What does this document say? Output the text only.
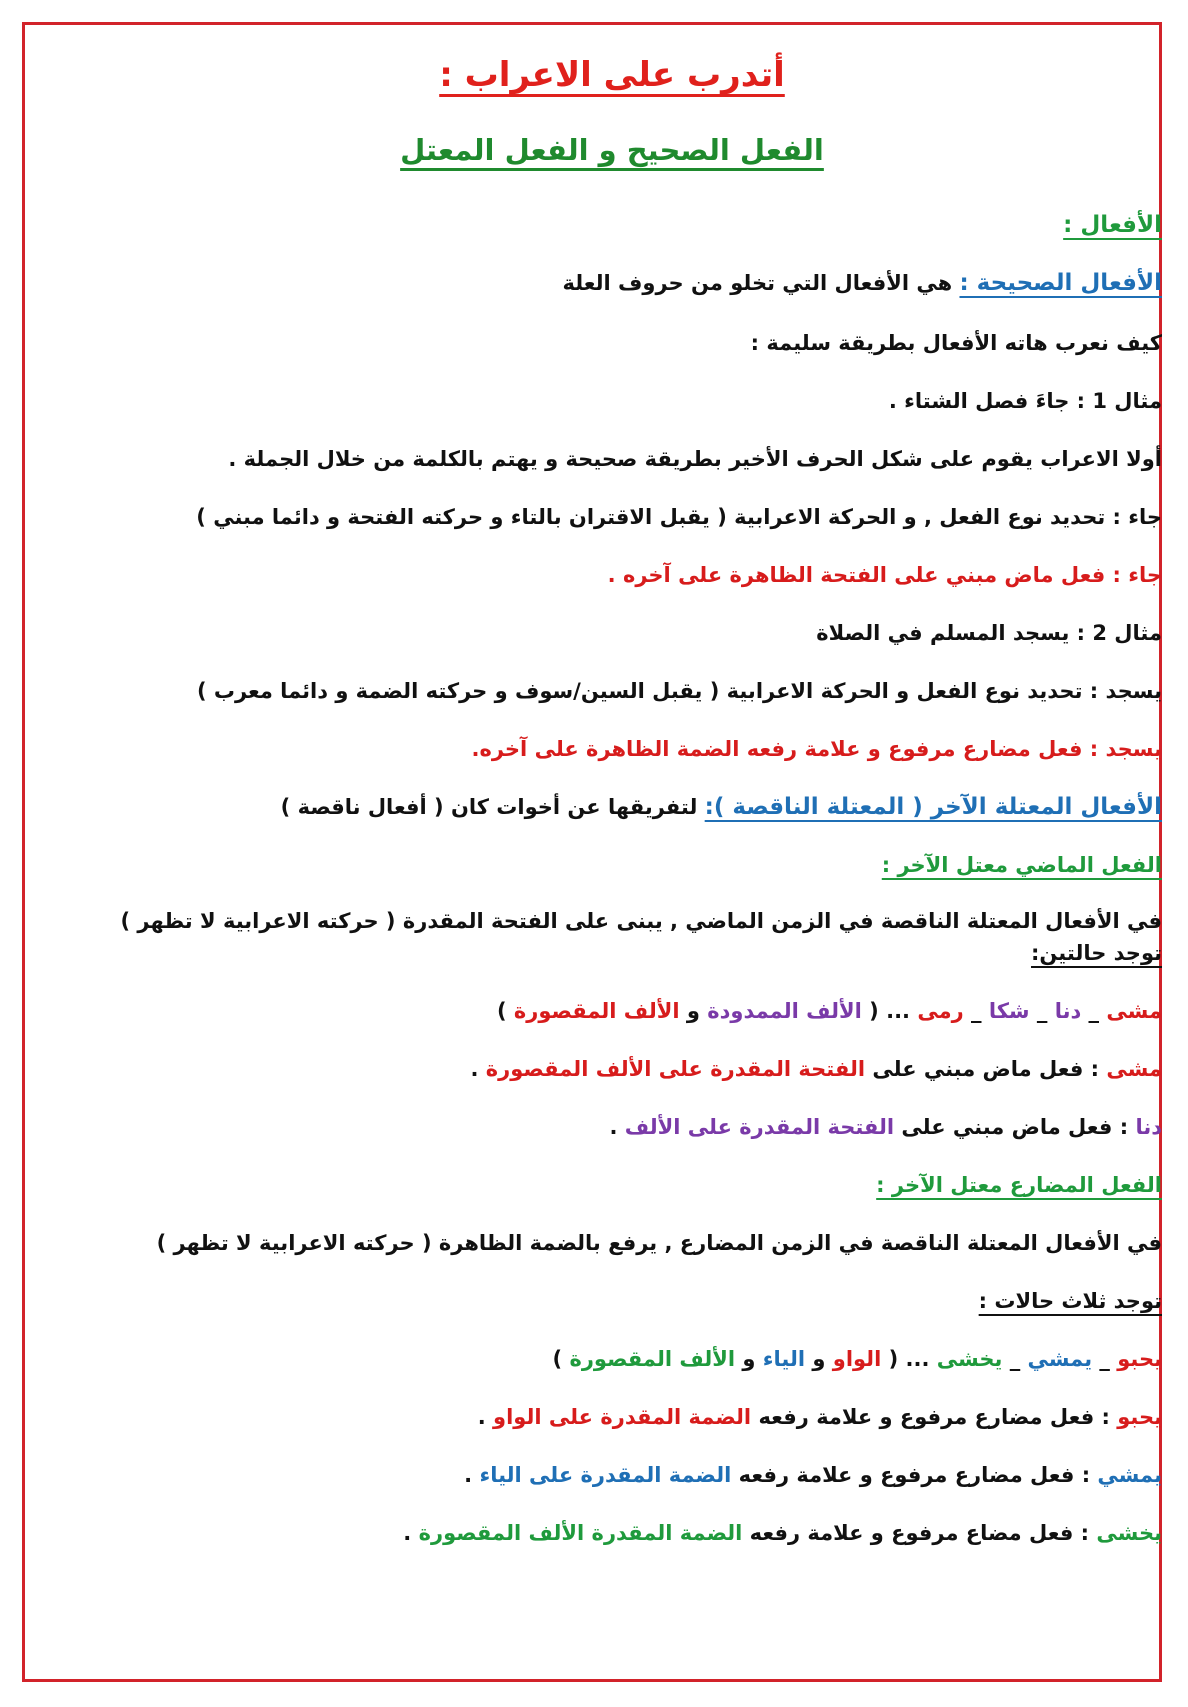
أتدرب على الاعراب :
الفعل الصحيح و الفعل المعتل
الأفعال :
الأفعال الصحيحة : هي الأفعال التي تخلو من حروف العلة
كيف نعرب هاته الأفعال بطريقة سليمة :
مثال 1 : جاءَ فصل الشتاء .
أولا الاعراب يقوم على شكل الحرف الأخير بطريقة صحيحة و يهتم بالكلمة من خلال الجملة .
جاء : تحديد نوع الفعل , و الحركة الاعرابية ( يقبل الاقتران بالتاء و حركته الفتحة و دائما مبني )
جاء : فعل ماض مبني على الفتحة الظاهرة على آخره .
مثال 2 : يسجد المسلم في الصلاة
يسجد : تحديد نوع الفعل و الحركة الاعرابية ( يقبل السين/سوف و حركته الضمة و دائما معرب )
يسجد : فعل مضارع مرفوع و علامة رفعه الضمة الظاهرة على آخره.
الأفعال المعتلة الآخر ( المعتلة الناقصة ): لتفريقها عن أخوات كان ( أفعال ناقصة )
الفعل الماضي معتل الآخر :
في الأفعال المعتلة الناقصة في الزمن الماضي , يبنى على الفتحة المقدرة ( حركته الاعرابية لا تظهر )
توجد حالتين:
مشى _ دنا _ شكا _ رمى ... ( الألف الممدودة و الألف المقصورة )
مشى : فعل ماض مبني على الفتحة المقدرة على الألف المقصورة .
دنا : فعل ماض مبني على الفتحة المقدرة على الألف .
الفعل المضارع معتل الآخر :
في الأفعال المعتلة الناقصة في الزمن المضارع , يرفع بالضمة الظاهرة ( حركته الاعرابية لا تظهر )
توجد ثلاث حالات :
يحبو _ يمشي _ يخشى ... ( الواو و الياء و الألف المقصورة )
يحبو : فعل مضارع مرفوع و علامة رفعه الضمة المقدرة على الواو .
يمشي : فعل مضارع مرفوع و علامة رفعه الضمة المقدرة على الياء .
يخشى : فعل مضاع مرفوع و علامة رفعه الضمة المقدرة الألف المقصورة .
